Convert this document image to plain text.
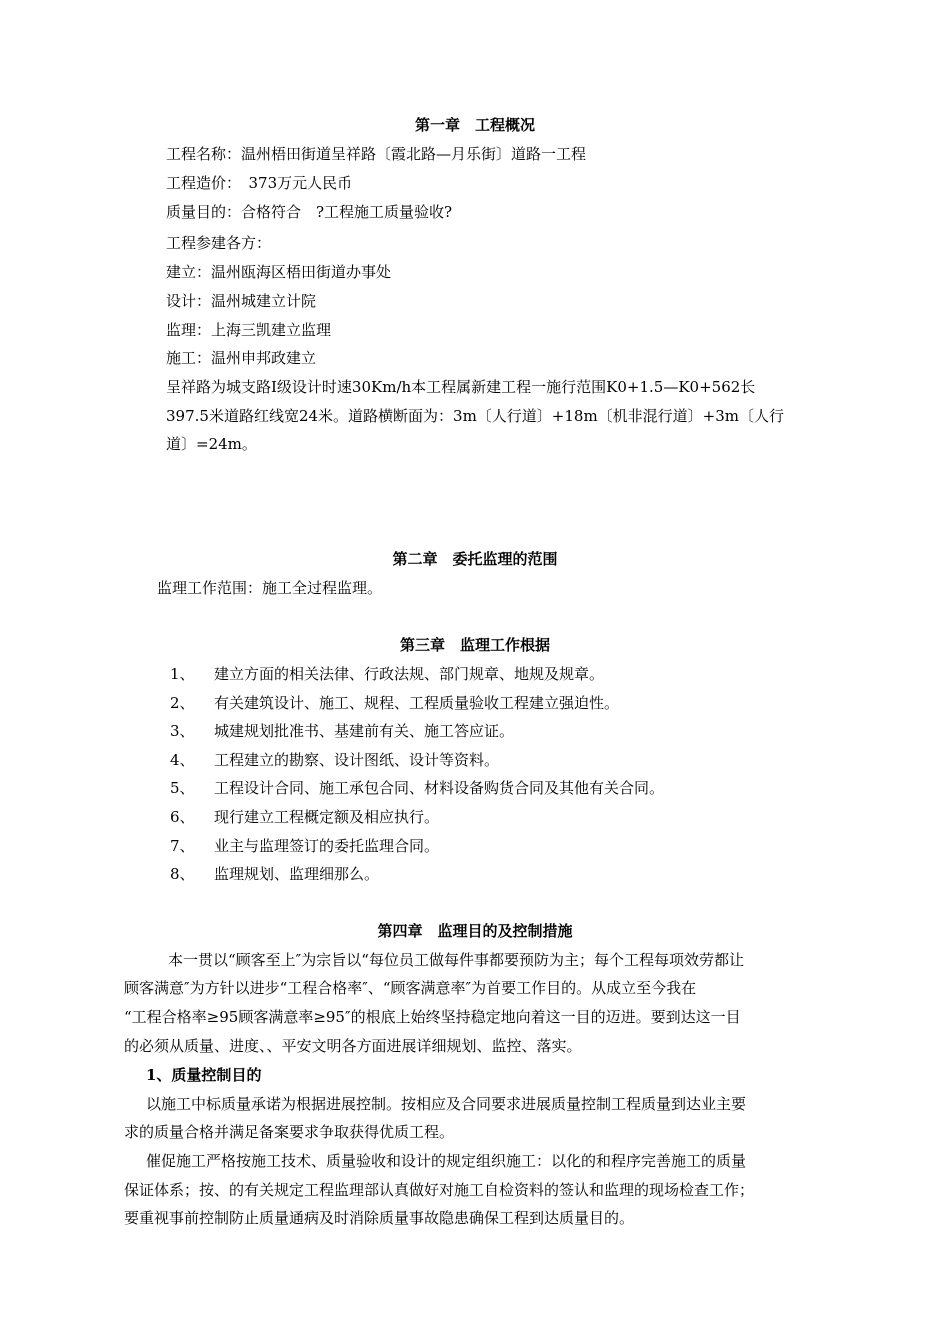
第一章　工程概况
工程名称：温州梧田街道呈祥路〔霞北路—月乐街〕道路一工程
工程造价：　373万元人民币
质量目的：合格符合　?工程施工质量验收?
工程参建各方：
建立：温州瓯海区梧田街道办事处
设计：温州城建立计院
监理：上海三凯建立监理
施工：温州申邦政建立
呈祥路为城支路Ⅰ级设计时速30Km/h本工程属新建工程一施行范围K0+1.5—K0+562长
397.5米道路红线宽24米。道路横断面为：3m〔人行道〕+18m〔机非混行道〕+3m〔人行
道〕=24m。
第二章　委托监理的范围
监理工作范围：施工全过程监理。
第三章　监理工作根据
1、 建立方面的相关法律、行政法规、部门规章、地规及规章。
2、 有关建筑设计、施工、规程、工程质量验收工程建立强迫性。
3、 城建规划批准书、基建前有关、施工答应证。
4、 工程建立的勘察、设计图纸、设计等资料。
5、 工程设计合同、施工承包合同、材料设备购货合同及其他有关合同。
6、 现行建立工程概定额及相应执行。
7、 业主与监理签订的委托监理合同。
8、 监理规划、监理细那么。
第四章　监理目的及控制措施
本一贯以“顾客至上″为宗旨以“每位员工做每件事都要预防为主；每个工程每项效劳都让
顾客满意″为方针以进步“工程合格率″、“顾客满意率″为首要工作目的。从成立至今我在
“工程合格率≥95顾客满意率≥95″的根底上始终坚持稳定地向着这一目的迈进。要到达这一目
的必须从质量、进度、、平安文明各方面进展详细规划、监控、落实。
1、质量控制目的
以施工中标质量承诺为根据进展控制。按相应及合同要求进展质量控制工程质量到达业主要
求的质量合格并满足备案要求争取获得优质工程。
催促施工严格按施工技术、质量验收和设计的规定组织施工：以化的和程序完善施工的质量
保证体系；按、的有关规定工程监理部认真做好对施工自检资料的签认和监理的现场检查工作；
要重视事前控制防止质量通病及时消除质量事故隐患确保工程到达质量目的。
